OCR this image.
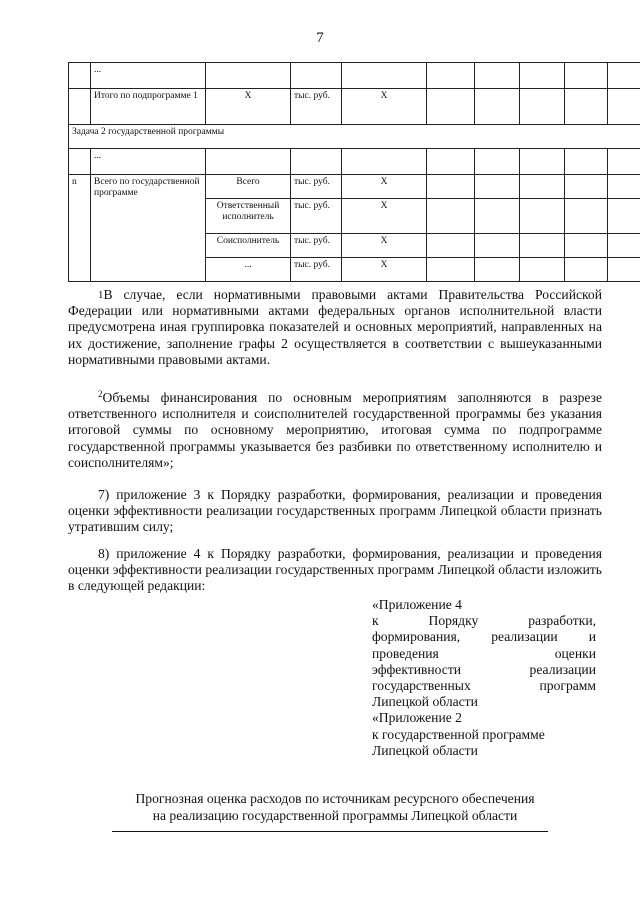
7
	...								
	Итого по подпрограмме 1	X	тыс. руб.	X					
Задача 2 государственной программы									
	...								
n	Всего по государственной программе	Всего	тыс. руб.	X					
		Ответственный исполнитель	тыс. руб.	X					
		Соисполнитель	тыс. руб.	X					
		...	тыс. руб.	X					

$^1$В случае, если нормативными правовыми актами Правительства Российской Федерации или нормативными актами федеральных органов исполнительной власти предусмотрена иная группировка показателей и основных мероприятий, направленных на их достижение, заполнение графы 2 осуществляется в соответствии с вышеуказанными нормативными правовыми актами.

$^2$Объемы финансирования по основным мероприятиям заполняются в разрезе ответственного исполнителя и соисполнителей государственной программы без указания итоговой суммы по основному мероприятию, итоговая сумма по подпрограмме государственной программы указывается без разбивки по ответственному исполнителю и соисполнителям»;

7) приложение 3 к Порядку разработки, формирования, реализации и проведения оценки эффективности реализации государственных программ Липецкой области признать утратившим силу;

8) приложение 4 к Порядку разработки, формирования, реализации и проведения оценки эффективности реализации государственных программ Липецкой области изложить в следующей редакции:

«Приложение 4
к Порядку разработки,
формирования, реализации и
проведения оценки
эффективности реализации
государственных программ
Липецкой области
«Приложение 2
к государственной программе
Липецкой области
Прогнозная оценка расходов по источникам ресурсного обеспечения
на реализацию государственной программы Липецкой области
